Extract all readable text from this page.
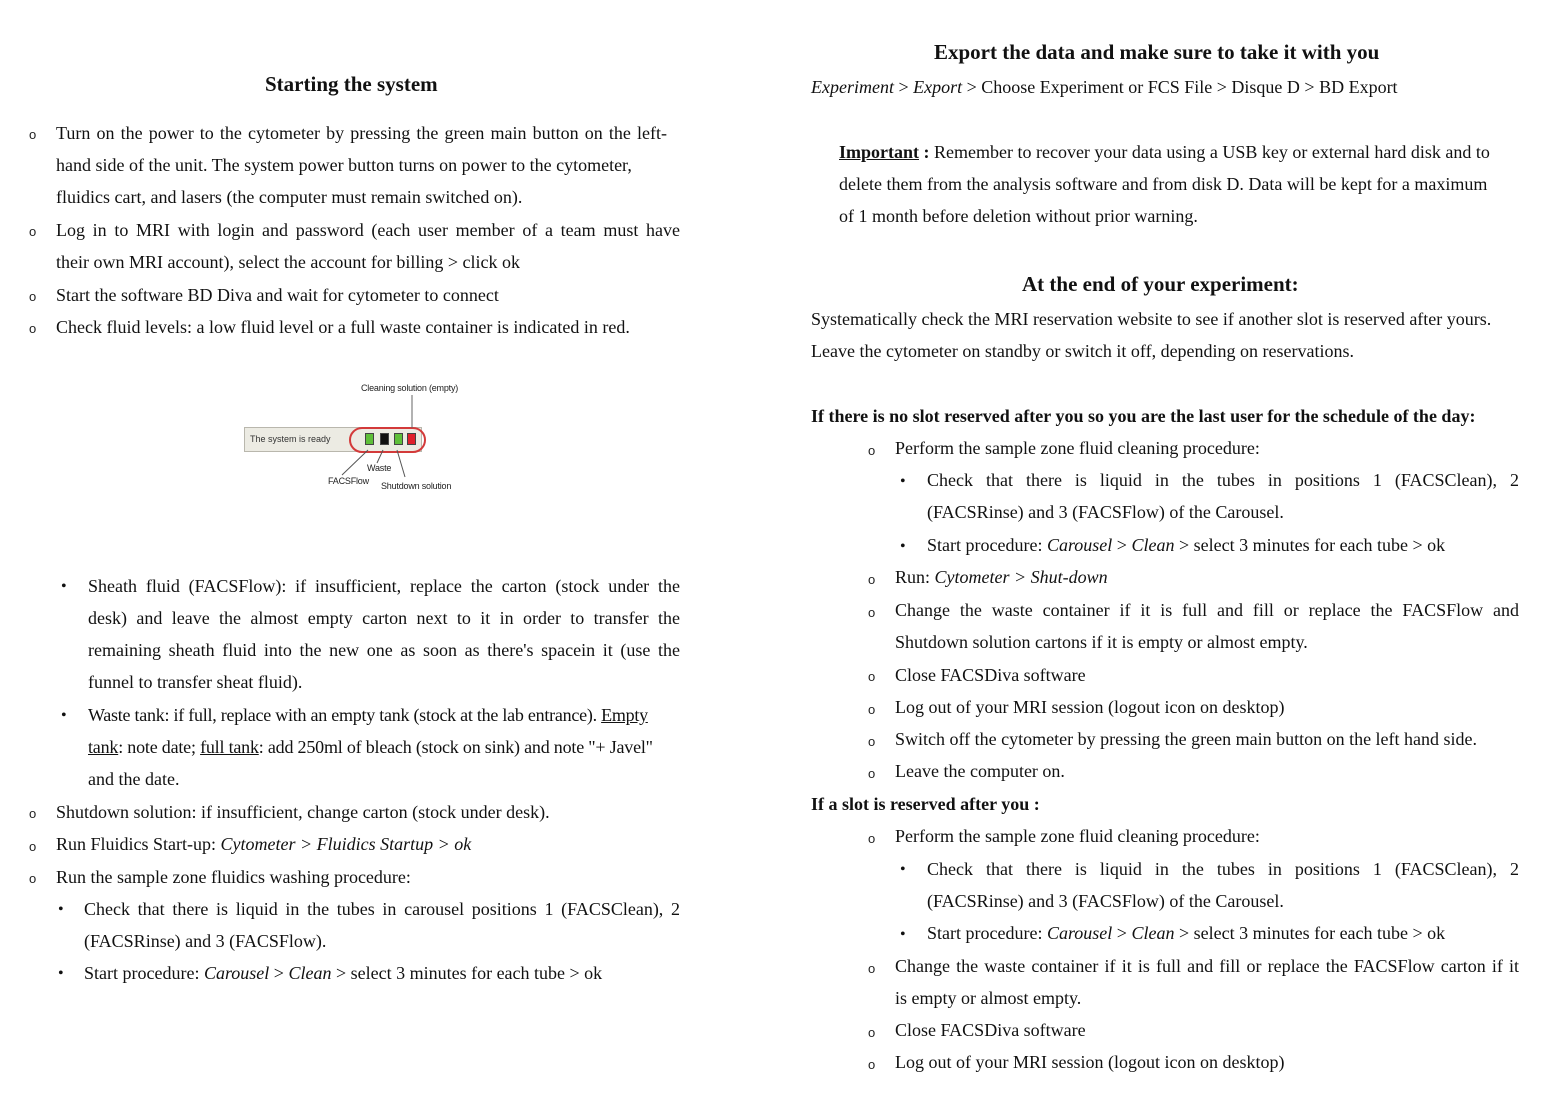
Starting the system
o Turn on the power to the cytometer by pressing the green main button on the left-
hand side of the unit. The system power button turns on power to the cytometer,
fluidics cart, and lasers (the computer must remain switched on).
o Log in to MRI with login and password (each user member of a team must have
their own MRI account), select the account for billing > click ok
o Start the software BD Diva and wait for cytometer to connect
o Check fluid levels: a low fluid level or a full waste container is indicated in red.
Cleaning solution (empty)
The system is ready
Waste
FACSFlow Shutdown solution
• Sheath fluid (FACSFlow): if insufficient, replace the carton (stock under the
desk) and leave the almost empty carton next to it in order to transfer the
remaining sheath fluid into the new one as soon as there's spacein it (use the
funnel to transfer sheat fluid).
• Waste tank: if full, replace with an empty tank (stock at the lab entrance). Empty
tank: note date; full tank: add 250ml of bleach (stock on sink) and note "+ Javel"
and the date.
o Shutdown solution: if insufficient, change carton (stock under desk).
o Run Fluidics Start-up: Cytometer > Fluidics Startup > ok
o Run the sample zone fluidics washing procedure:
• Check that there is liquid in the tubes in carousel positions 1 (FACSClean), 2
(FACSRinse) and 3 (FACSFlow).
• Start procedure: Carousel > Clean > select 3 minutes for each tube > ok
Export the data and make sure to take it with you
Experiment > Export > Choose Experiment or FCS File > Disque D > BD Export
Important : Remember to recover your data using a USB key or external hard disk and to
delete them from the analysis software and from disk D. Data will be kept for a maximum
of 1 month before deletion without prior warning.
At the end of your experiment:
Systematically check the MRI reservation website to see if another slot is reserved after yours.
Leave the cytometer on standby or switch it off, depending on reservations.
If there is no slot reserved after you so you are the last user for the schedule of the day:
o Perform the sample zone fluid cleaning procedure:
• Check that there is liquid in the tubes in positions 1 (FACSClean), 2
(FACSRinse) and 3 (FACSFlow) of the Carousel.
• Start procedure: Carousel > Clean > select 3 minutes for each tube > ok
o Run: Cytometer > Shut-down
o Change the waste container if it is full and fill or replace the FACSFlow and
Shutdown solution cartons if it is empty or almost empty.
o Close FACSDiva software
o Log out of your MRI session (logout icon on desktop)
o Switch off the cytometer by pressing the green main button on the left hand side.
o Leave the computer on.
If a slot is reserved after you :
o Perform the sample zone fluid cleaning procedure:
• Check that there is liquid in the tubes in positions 1 (FACSClean), 2
(FACSRinse) and 3 (FACSFlow) of the Carousel.
• Start procedure: Carousel > Clean > select 3 minutes for each tube > ok
o Change the waste container if it is full and fill or replace the FACSFlow carton if it
is empty or almost empty.
o Close FACSDiva software
o Log out of your MRI session (logout icon on desktop)
